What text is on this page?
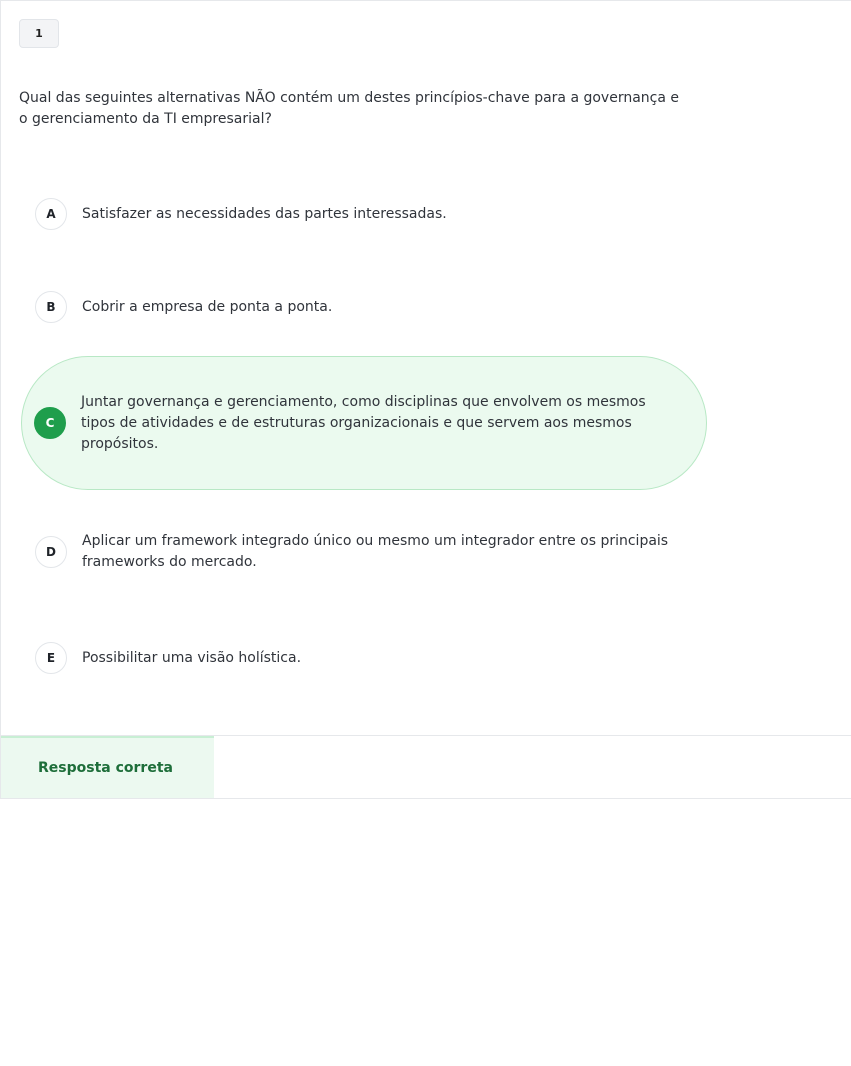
1
Qual das seguintes alternativas NÃO contém um destes princípios-chave para a governança e o gerenciamento da TI empresarial?
A	Satisfazer as necessidades das partes interessadas.
B	Cobrir a empresa de ponta a ponta.
C
Juntar governança e gerenciamento, como disciplinas que envolvem os mesmos tipos de atividades e de estruturas organizacionais e que servem aos mesmos propósitos.
D
Aplicar um framework integrado único ou mesmo um integrador entre os principais frameworks do mercado.
E	Possibilitar uma visão holística.
Resposta correta
